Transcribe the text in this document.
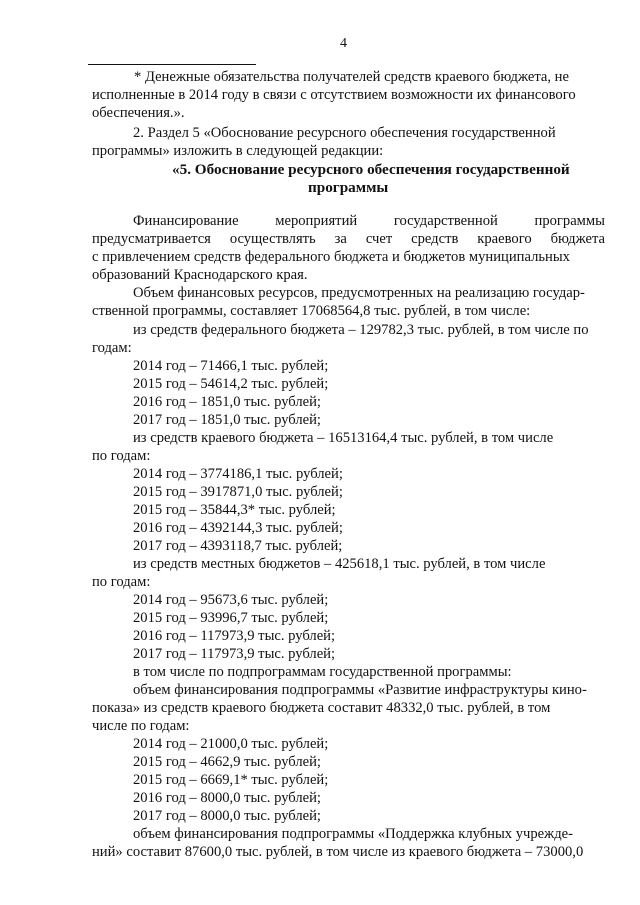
4
* Денежные обязательства получателей средств краевого бюджета, не
исполненные в 2014 году в связи с отсутствием возможности их финансового
обеспечения.».
2. Раздел 5 «Обоснование ресурсного обеспечения государственной
программы» изложить в следующей редакции:
«5. Обоснование ресурсного обеспечения государственной
программы
Финансирование	мероприятий	государственной	программы
предусматривается осуществлять за счет средств краевого бюджета
с привлечением средств федерального бюджета и бюджетов муниципальных
образований Краснодарского края.
Объем финансовых ресурсов, предусмотренных на реализацию государ-
ственной программы, составляет 17068564,8 тыс. рублей, в том числе:
из средств федерального бюджета – 129782,3 тыс. рублей, в том числе по
годам:
2014 год – 71466,1 тыс. рублей;
2015 год – 54614,2 тыс. рублей;
2016 год – 1851,0 тыс. рублей;
2017 год – 1851,0 тыс. рублей;
из средств краевого бюджета – 16513164,4 тыс. рублей, в том числе
по годам:
2014 год – 3774186,1 тыс. рублей;
2015 год – 3917871,0 тыс. рублей;
2015 год – 35844,3* тыс. рублей;
2016 год – 4392144,3 тыс. рублей;
2017 год – 4393118,7 тыс. рублей;
из средств местных бюджетов – 425618,1 тыс. рублей, в том числе
по годам:
2014 год – 95673,6 тыс. рублей;
2015 год – 93996,7 тыс. рублей;
2016 год – 117973,9 тыс. рублей;
2017 год – 117973,9 тыс. рублей;
в том числе по подпрограммам государственной программы:
объем финансирования подпрограммы «Развитие инфраструктуры кино-
показа» из средств краевого бюджета составит 48332,0 тыс. рублей, в том
числе по годам:
2014 год – 21000,0 тыс. рублей;
2015 год – 4662,9 тыс. рублей;
2015 год – 6669,1* тыс. рублей;
2016 год – 8000,0 тыс. рублей;
2017 год – 8000,0 тыс. рублей;
объем финансирования подпрограммы «Поддержка клубных учрежде-
ний» составит 87600,0 тыс. рублей, в том числе из краевого бюджета – 73000,0
